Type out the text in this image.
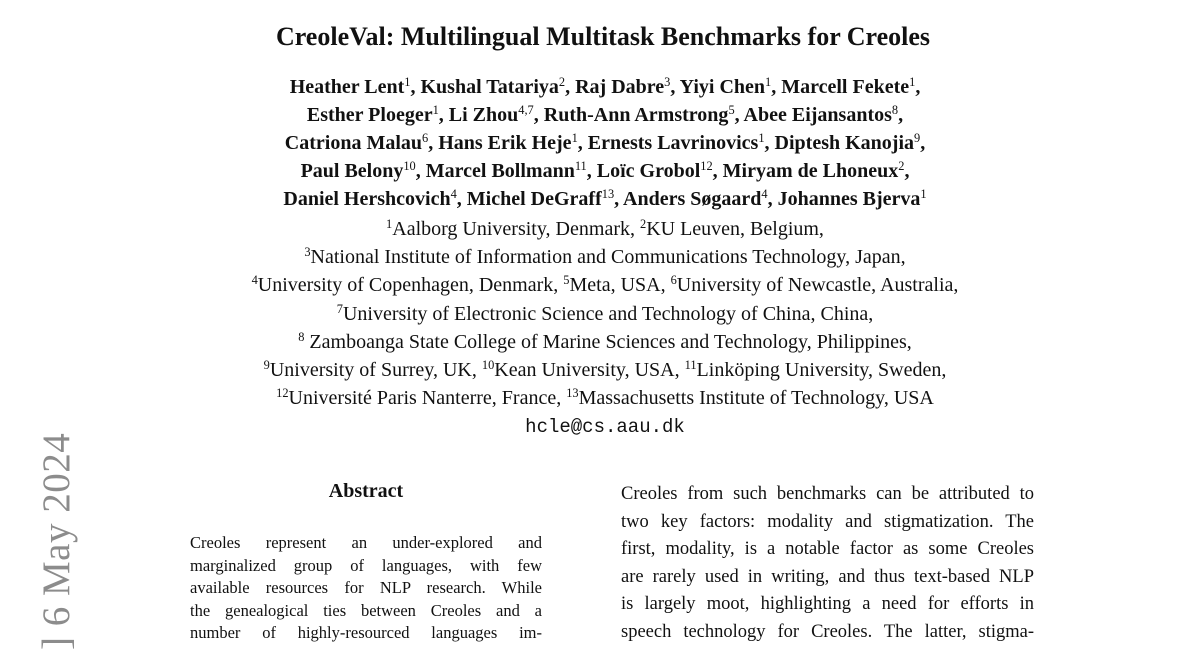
] 6 May 2024
CreoleVal: Multilingual Multitask Benchmarks for Creoles
Heather Lent$^1$, Kushal Tatariya$^2$, Raj Dabre$^3$, Yiyi Chen$^1$, Marcell Fekete$^1$,
Esther Ploeger$^1$, Li Zhou$^{4,7}$, Ruth-Ann Armstrong$^5$, Abee Eijansantos$^8$,
Catriona Malau$^6$, Hans Erik Heje$^1$, Ernests Lavrinovics$^1$, Diptesh Kanojia$^9$,
Paul Belony$^{10}$, Marcel Bollmann$^{11}$, Loïc Grobol$^{12}$, Miryam de Lhoneux$^2$,
Daniel Hershcovich$^4$, Michel DeGraff$^{13}$, Anders Søgaard$^4$, Johannes Bjerva$^1$
$^1$Aalborg University, Denmark, $^2$KU Leuven, Belgium,
$^3$National Institute of Information and Communications Technology, Japan,
$^4$University of Copenhagen, Denmark, $^5$Meta, USA, $^6$University of Newcastle, Australia,
$^7$University of Electronic Science and Technology of China, China,
$^8$ Zamboanga State College of Marine Sciences and Technology, Philippines,
$^9$University of Surrey, UK, $^{10}$Kean University, USA, $^{11}$Linköping University, Sweden,
$^{12}$Université Paris Nanterre, France, $^{13}$Massachusetts Institute of Technology, USA
hcle@cs.aau.dk
Abstract
Creoles represent an under-explored and
marginalized group of languages, with few
available resources for NLP research. While
the genealogical ties between Creoles and a
number of highly-resourced languages im-
Creoles from such benchmarks can be attributed to
two key factors: modality and stigmatization. The
first, modality, is a notable factor as some Creoles
are rarely used in writing, and thus text-based NLP
is largely moot, highlighting a need for efforts in
speech technology for Creoles. The latter, stigma-
